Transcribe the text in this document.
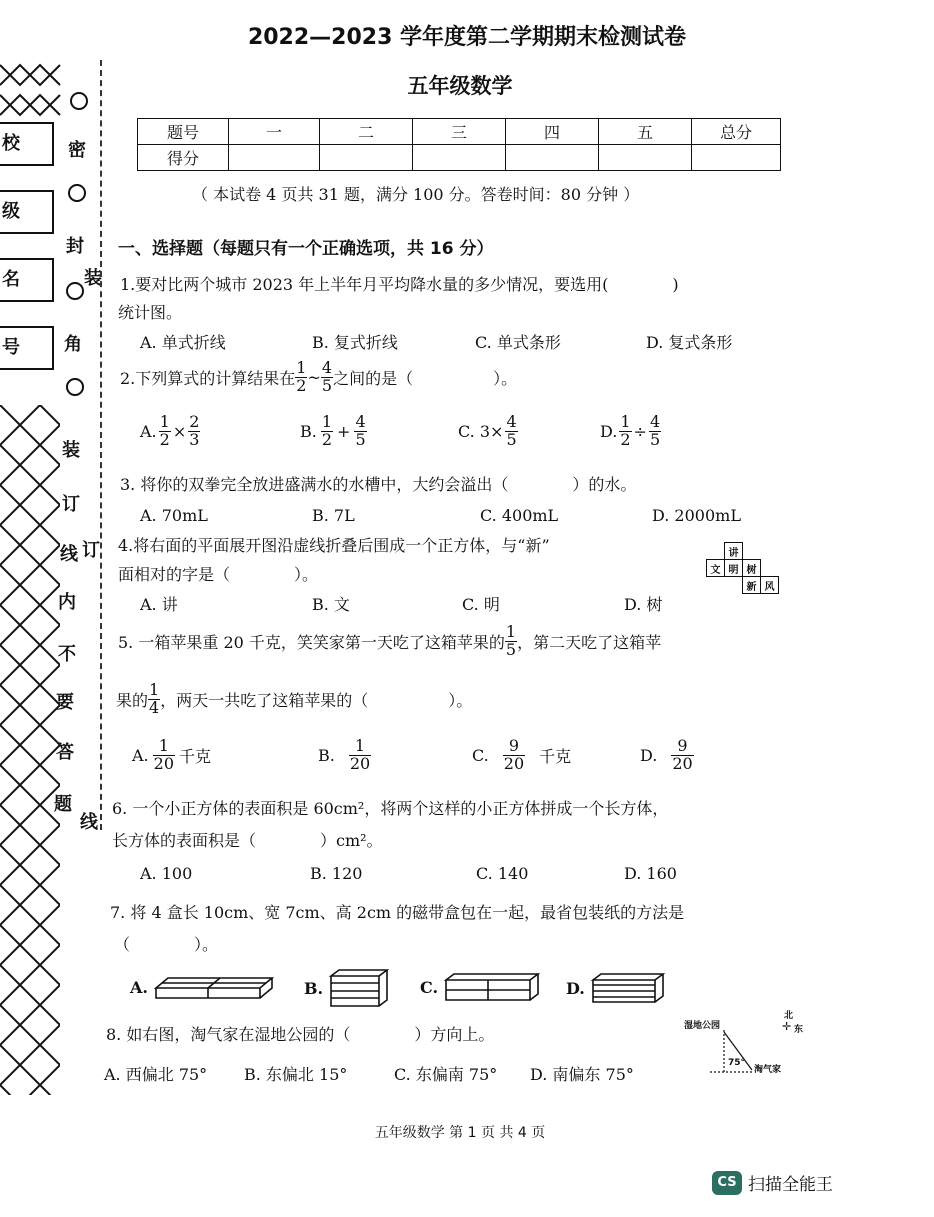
校
级
名
号
密
封
角
装
订
线
内
不
要
答
题
装
订
线
2022—2023 学年度第二学期期末检测试卷
五年级数学
题号	一	二	三	四	五	总分
得分						
（ 本试卷 4 页共 31 题，满分 100 分。答卷时间：80 分钟 ）
一、选择题（每题只有一个正确选项，共 16 分）
1.要对比两个城市 2023 年上半年月平均降水量的多少情况，要选用(　　　　)
统计图。
A. 单式折线	B. 复式折线	C. 单式条形	D. 复式条形
2.下列算式的计算结果在 $\frac{1}{2}$ ~ $\frac{4}{5}$ 之间的是（　　　　　）。
A. $\frac{1}{2} \times \frac{2}{3}$	B. $\frac{1}{2} + \frac{4}{5}$	C. $3\times \frac{4}{5}$	D. $\frac{1}{2} \div \frac{4}{5}$
3. 将你的双拳完全放进盛满水的水槽中，大约会溢出（　　　　）的水。
A. 70mL	B. 7L	C. 400mL	D. 2000mL
4.将右面的平面展开图沿虚线折叠后围成一个正方体，与“新”
面相对的字是（　　　　）。
A. 讲	B. 文	C. 明	D. 树
	讲		
文	明	树	
		新	风
5. 一箱苹果重 20 千克，笑笑家第一天吃了这箱苹果的 $\frac{1}{5}$ ，第二天吃了这箱苹
果的 $\frac{1}{4}$ ，两天一共吃了这箱苹果的（　　　　　）。
A. $\frac{1}{20}$ 千克	B. $\frac{1}{20}$	C. $\frac{9}{20}$ 千克	D. $\frac{9}{20}$
6. 一个小正方体的表面积是 60cm²，将两个这样的小正方体拼成一个长方体，
长方体的表面积是（　　　　）cm²。
A. 100	B. 120	C. 140	D. 160
7. 将 4 盒长 10cm、宽 7cm、高 2cm 的磁带盒包在一起，最省包装纸的方法是
（　　　　）。
A.	B.	C.	D.
8. 如右图，淘气家在湿地公园的（　　　　）方向上。
A. 西偏北 75° B. 东偏北 15°	C. 东偏南 75° D. 南偏东 75°
湿地公园
北
东
✛
75°
淘气家
五年级数学 第 1 页 共 4 页
CS 扫描全能王
